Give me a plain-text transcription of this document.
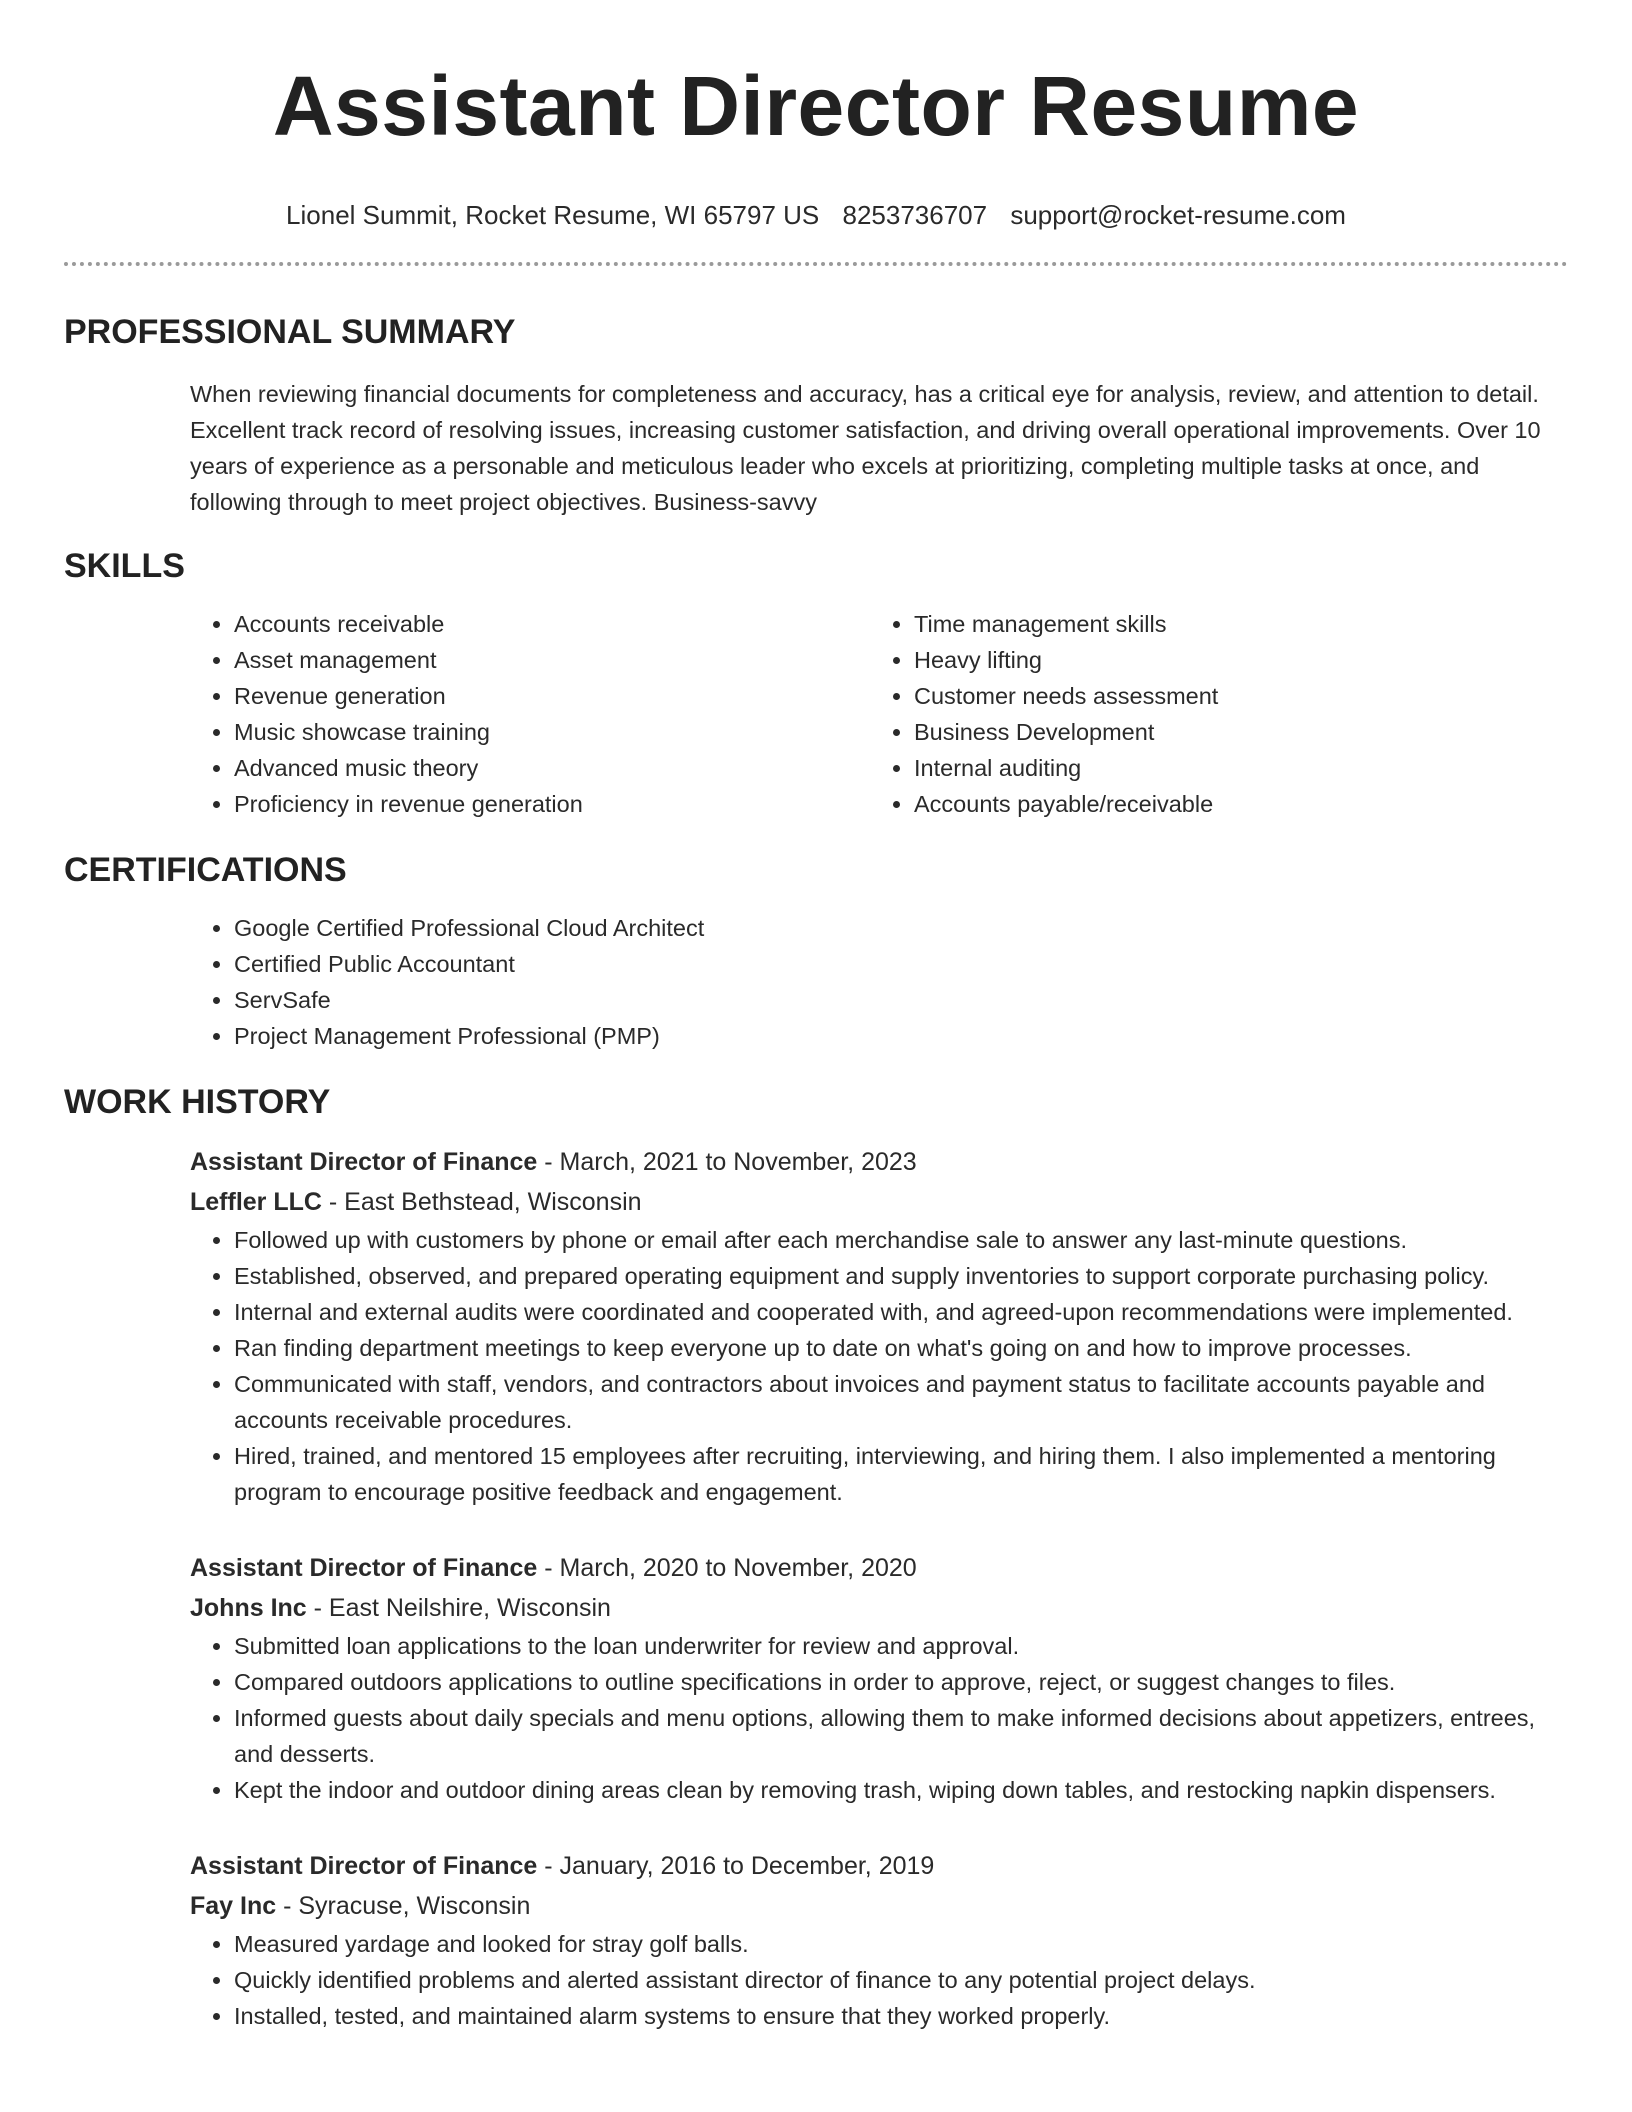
Assistant Director Resume
Lionel Summit, Rocket Resume, WI 65797 US 8253736707 support@rocket-resume.com
PROFESSIONAL SUMMARY
When reviewing financial documents for completeness and accuracy, has a critical eye for analysis, review, and attention to detail. Excellent track record of resolving issues, increasing customer satisfaction, and driving overall operational improvements. Over 10 years of experience as a personable and meticulous leader who excels at prioritizing, completing multiple tasks at once, and following through to meet project objectives. Business-savvy
SKILLS
• Accounts receivable
• Asset management
• Revenue generation
• Music showcase training
• Advanced music theory
• Proficiency in revenue generation
• Time management skills
• Heavy lifting
• Customer needs assessment
• Business Development
• Internal auditing
• Accounts payable/receivable
CERTIFICATIONS
• Google Certified Professional Cloud Architect
• Certified Public Accountant
• ServSafe
• Project Management Professional (PMP)
WORK HISTORY
Assistant Director of Finance - March, 2021 to November, 2023
Leffler LLC - East Bethstead, Wisconsin
• Followed up with customers by phone or email after each merchandise sale to answer any last-minute questions.
• Established, observed, and prepared operating equipment and supply inventories to support corporate purchasing policy.
• Internal and external audits were coordinated and cooperated with, and agreed-upon recommendations were implemented.
• Ran finding department meetings to keep everyone up to date on what's going on and how to improve processes.
• Communicated with staff, vendors, and contractors about invoices and payment status to facilitate accounts payable and accounts receivable procedures.
• Hired, trained, and mentored 15 employees after recruiting, interviewing, and hiring them. I also implemented a mentoring program to encourage positive feedback and engagement.
Assistant Director of Finance - March, 2020 to November, 2020
Johns Inc - East Neilshire, Wisconsin
• Submitted loan applications to the loan underwriter for review and approval.
• Compared outdoors applications to outline specifications in order to approve, reject, or suggest changes to files.
• Informed guests about daily specials and menu options, allowing them to make informed decisions about appetizers, entrees, and desserts.
• Kept the indoor and outdoor dining areas clean by removing trash, wiping down tables, and restocking napkin dispensers.
Assistant Director of Finance - January, 2016 to December, 2019
Fay Inc - Syracuse, Wisconsin
• Measured yardage and looked for stray golf balls.
• Quickly identified problems and alerted assistant director of finance to any potential project delays.
• Installed, tested, and maintained alarm systems to ensure that they worked properly.
